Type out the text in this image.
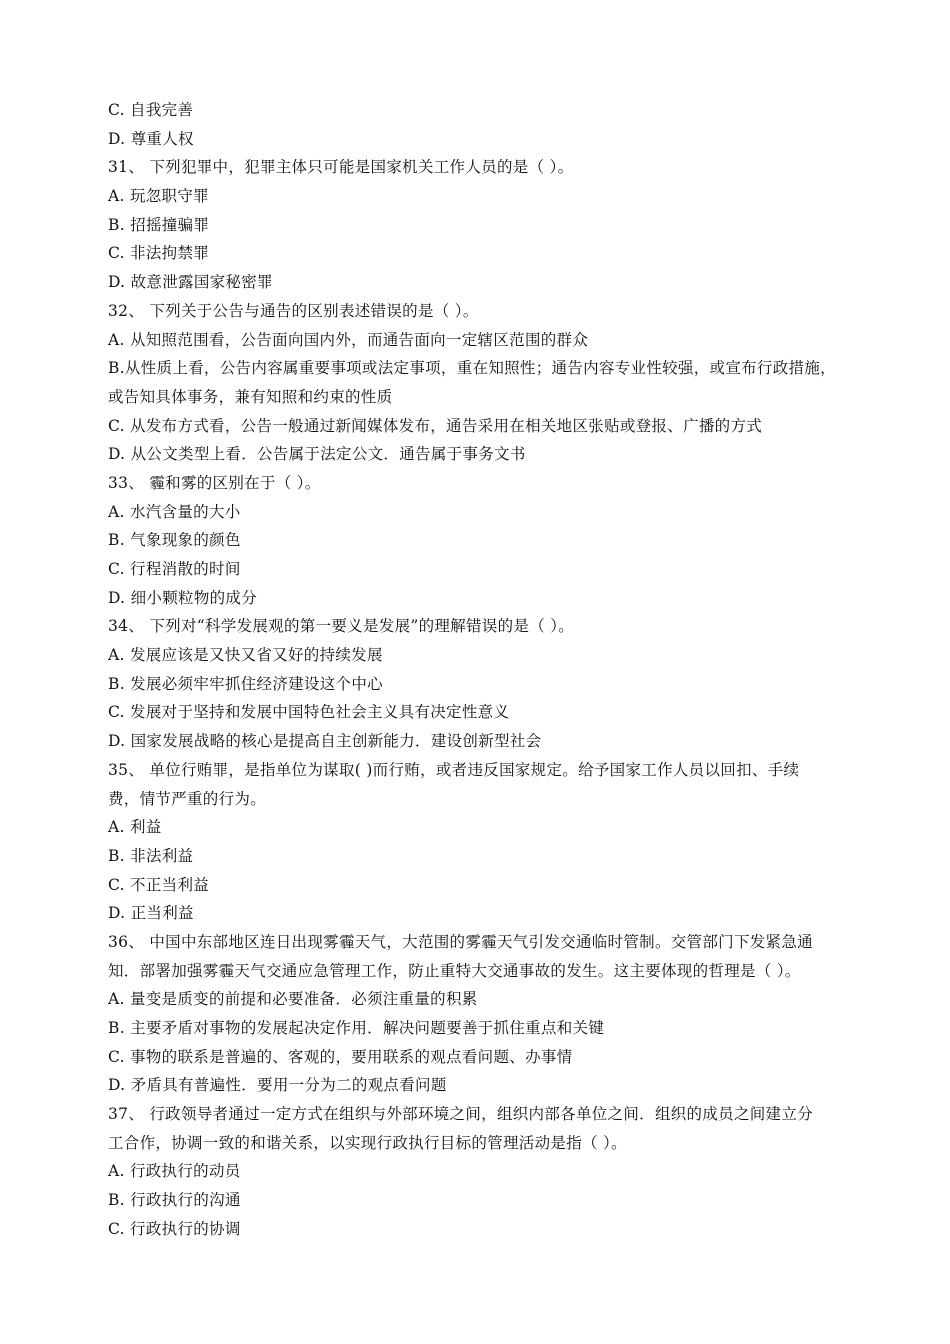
C. 自我完善
D. 尊重人权
31、 下列犯罪中，犯罪主体只可能是国家机关工作人员的是（ ）。
A. 玩忽职守罪
B. 招摇撞骗罪
C. 非法拘禁罪
D. 故意泄露国家秘密罪
32、 下列关于公告与通告的区别表述错误的是（ ）。
A. 从知照范围看，公告面向国内外，而通告面向一定辖区范围的群众
B.从性质上看，公告内容属重要事项或法定事项，重在知照性；通告内容专业性较强，或宣布行政措施，
或告知具体事务，兼有知照和约束的性质
C. 从发布方式看，公告一般通过新闻媒体发布，通告采用在相关地区张贴或登报、广播的方式
D. 从公文类型上看．公告属于法定公文．通告属于事务文书
33、 霾和雾的区别在于（ ）。
A. 水汽含量的大小
B. 气象现象的颜色
C. 行程消散的时间
D. 细小颗粒物的成分
34、 下列对“科学发展观的第一要义是发展”的理解错误的是（ ）。
A. 发展应该是又快又省又好的持续发展
B. 发展必须牢牢抓住经济建设这个中心
C. 发展对于坚持和发展中国特色社会主义具有决定性意义
D. 国家发展战略的核心是提高自主创新能力．建设创新型社会
35、 单位行贿罪，是指单位为谋取( )而行贿，或者违反国家规定。给予国家工作人员以回扣、手续
费，情节严重的行为。
A. 利益
B. 非法利益
C. 不正当利益
D. 正当利益
36、 中国中东部地区连日出现雾霾天气，大范围的雾霾天气引发交通临时管制。交管部门下发紧急通
知．部署加强雾霾天气交通应急管理工作，防止重特大交通事故的发生。这主要体现的哲理是（ ）。
A. 量变是质变的前提和必要准备．必须注重量的积累
B. 主要矛盾对事物的发展起决定作用．解决问题要善于抓住重点和关键
C. 事物的联系是普遍的、客观的，要用联系的观点看问题、办事情
D. 矛盾具有普遍性．要用一分为二的观点看问题
37、 行政领导者通过一定方式在组织与外部环境之间，组织内部各单位之间．组织的成员之间建立分
工合作，协调一致的和谐关系，以实现行政执行目标的管理活动是指（ ）。
A. 行政执行的动员
B. 行政执行的沟通
C. 行政执行的协调
